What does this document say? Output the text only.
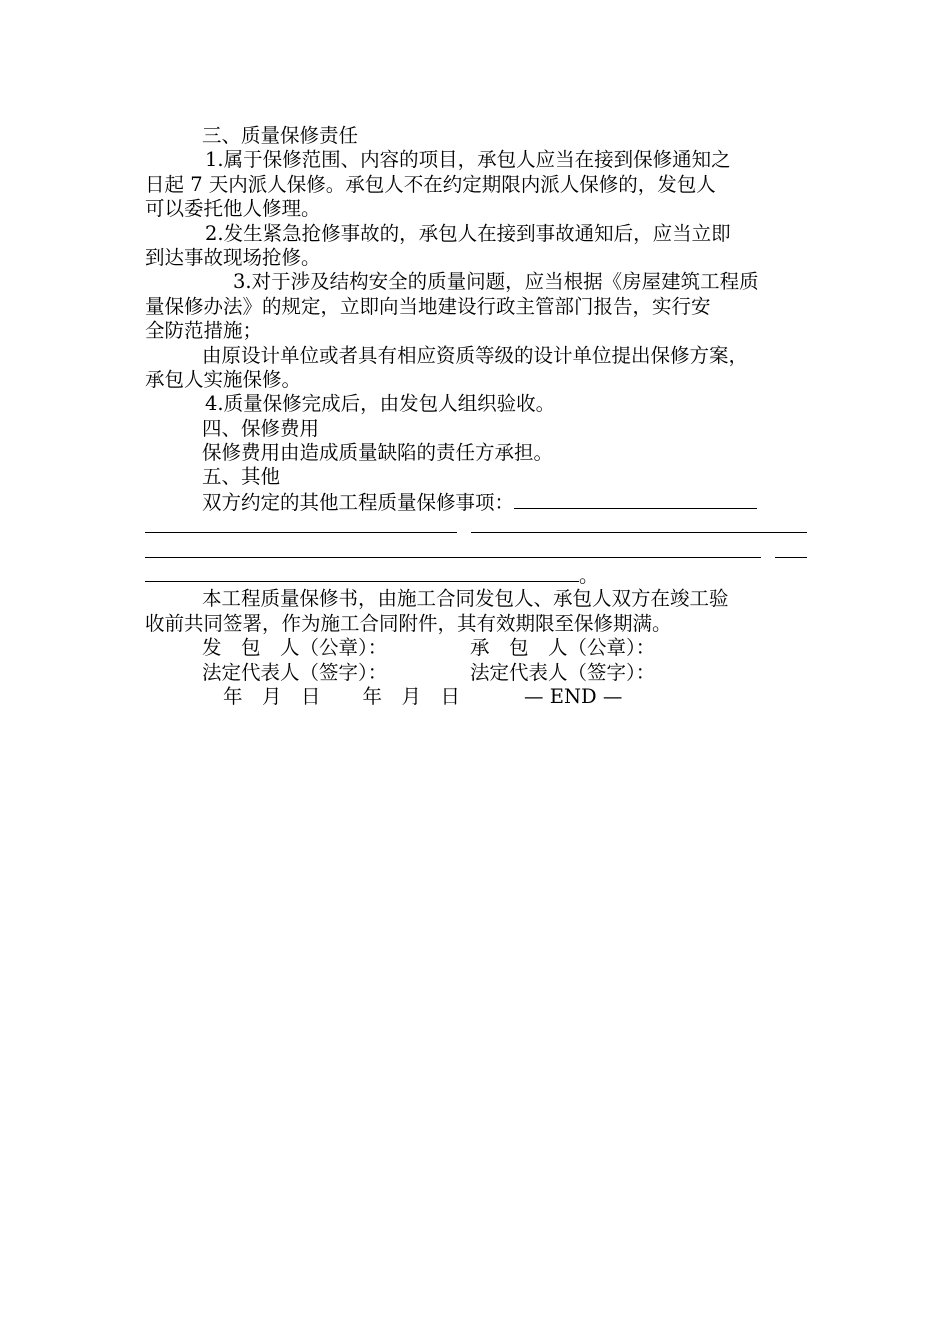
三、质量保修责任
1.属于保修范围、内容的项目，承包人应当在接到保修通知之
日起 7 天内派人保修。承包人不在约定期限内派人保修的，发包人
可以委托他人修理。
2.发生紧急抢修事故的，承包人在接到事故通知后，应当立即
到达事故现场抢修。
3.对于涉及结构安全的质量问题，应当根据《房屋建筑工程质
量保修办法》的规定，立即向当地建设行政主管部门报告，实行安
全防范措施；
由原设计单位或者具有相应资质等级的设计单位提出保修方案，
承包人实施保修。
4.质量保修完成后，由发包人组织验收。
四、保修费用
保修费用由造成质量缺陷的责任方承担。
五、其他
双方约定的其他工程质量保修事项：
。
本工程质量保修书，由施工合同发包人、承包人双方在竣工验
收前共同签署，作为施工合同附件，其有效期限至保修期满。
发　包　人（公章）：	承　包　人（公章）：
法定代表人（签字）：	法定代表人（签字）：
年　月　日 年　月　日	— END —
